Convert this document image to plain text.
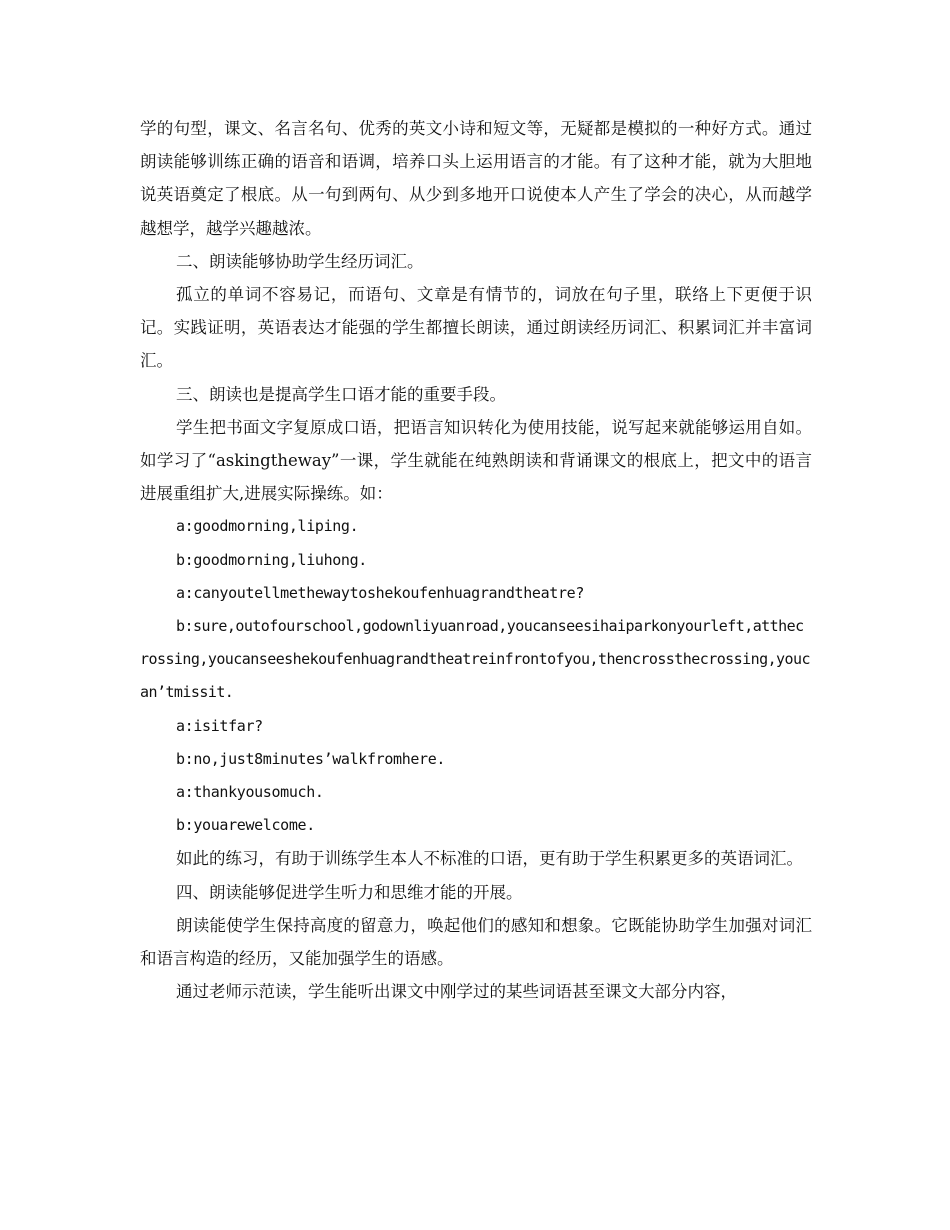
学的句型，课文、名言名句、优秀的英文小诗和短文等，无疑都是模拟的一种好方式。通过朗读能够训练正确的语音和语调，培养口头上运用语言的才能。有了这种才能，就为大胆地说英语奠定了根底。从一句到两句、从少到多地开口说使本人产生了学会的决心，从而越学越想学，越学兴趣越浓。

二、朗读能够协助学生经历词汇。

孤立的单词不容易记，而语句、文章是有情节的，词放在句子里，联络上下更便于识记。实践证明，英语表达才能强的学生都擅长朗读，通过朗读经历词汇、积累词汇并丰富词汇。

三、朗读也是提高学生口语才能的重要手段。

学生把书面文字复原成口语，把语言知识转化为使用技能，说写起来就能够运用自如。如学习了“askingtheway”一课，学生就能在纯熟朗读和背诵课文的根底上，把文中的语言进展重组扩大,进展实际操练。如：

a:goodmorning,liping.

b:goodmorning,liuhong.

a:canyoutellmethewaytoshekoufenhuagrandtheatre?

b:sure,outofourschool,godownliyuanroad,youcanseesihaiparkonyourleft,atthecrossing,youcanseeshekoufenhuagrandtheatreinfrontofyou,thencrossthecrossing,youcan’tmissit.

a:isitfar?

b:no,just8minutes’walkfromhere.

a:thankyousomuch.

b:youarewelcome.

如此的练习，有助于训练学生本人不标准的口语，更有助于学生积累更多的英语词汇。

四、朗读能够促进学生听力和思维才能的开展。

朗读能使学生保持高度的留意力，唤起他们的感知和想象。它既能协助学生加强对词汇和语言构造的经历，又能加强学生的语感。

通过老师示范读，学生能听出课文中刚学过的某些词语甚至课文大部分内容，
